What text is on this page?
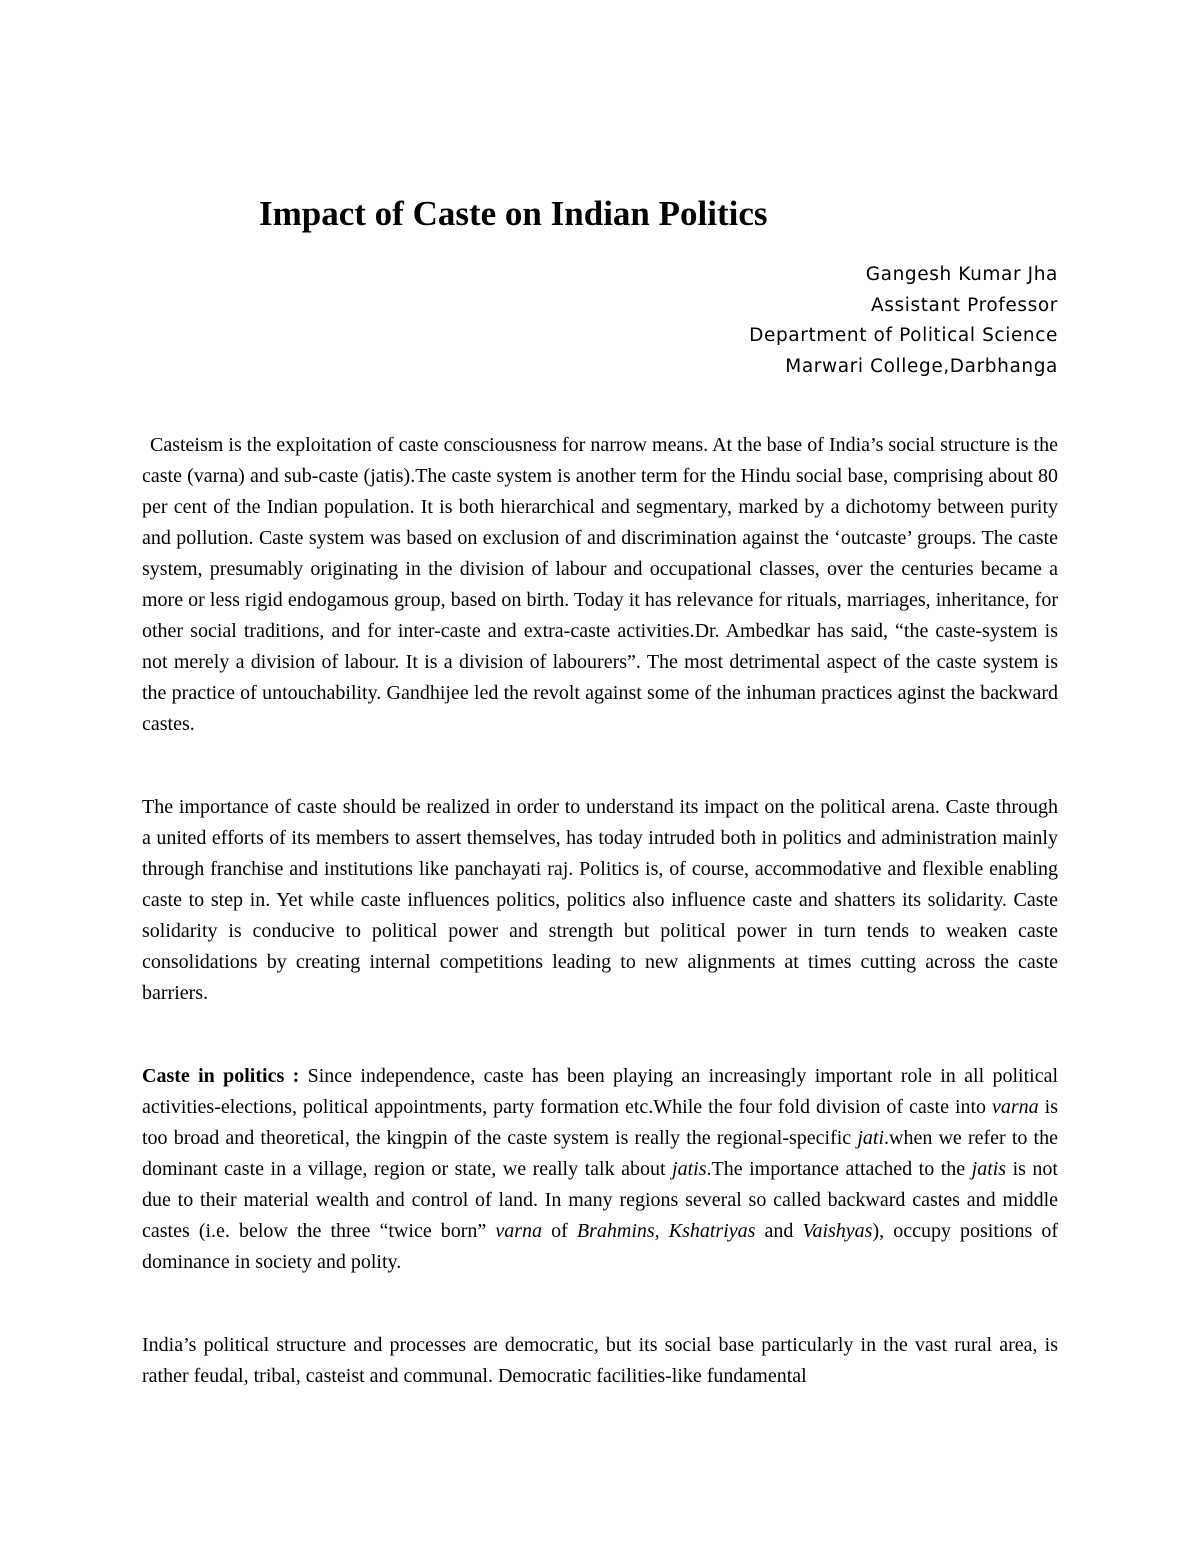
Impact of Caste on Indian Politics
Gangesh Kumar Jha
Assistant Professor
Department of Political Science
Marwari College,Darbhanga

Casteism is the exploitation of caste consciousness for narrow means. At the base of India’s social structure is the caste (varna) and sub-caste (jatis).The caste system is another term for the Hindu social base, comprising about 80 per cent of the Indian population. It is both hierarchical and segmentary, marked by a dichotomy between purity and pollution. Caste system was based on exclusion of and discrimination against the ‘outcaste’ groups. The caste system, presumably originating in the division of labour and occupational classes, over the centuries became a more or less rigid endogamous group, based on birth. Today it has relevance for rituals, marriages, inheritance, for other social traditions, and for inter-caste and extra-caste activities.Dr. Ambedkar has said, “the caste-system is not merely a division of labour. It is a division of labourers”. The most detrimental aspect of the caste system is the practice of untouchability. Gandhijee led the revolt against some of the inhuman practices aginst the backward castes.

The importance of caste should be realized in order to understand its impact on the political arena. Caste through a united efforts of its members to assert themselves, has today intruded both in politics and administration mainly through franchise and institutions like panchayati raj. Politics is, of course, accommodative and flexible enabling caste to step in. Yet while caste influences politics, politics also influence caste and shatters its solidarity. Caste solidarity is conducive to political power and strength but political power in turn tends to weaken caste consolidations by creating internal competitions leading to new alignments at times cutting across the caste barriers.

Caste in politics : Since independence, caste has been playing an increasingly important role in all political activities-elections, political appointments, party formation etc.While the four fold division of caste into varna is too broad and theoretical, the kingpin of the caste system is really the regional-specific jati.when we refer to the dominant caste in a village, region or state, we really talk about jatis.The importance attached to the jatis is not due to their material wealth and control of land. In many regions several so called backward castes and middle castes (i.e. below the three “twice born” varna of Brahmins, Kshatriyas and Vaishyas), occupy positions of dominance in society and polity.

India’s political structure and processes are democratic, but its social base particularly in the vast rural area, is rather feudal, tribal, casteist and communal. Democratic facilities-like fundamental
